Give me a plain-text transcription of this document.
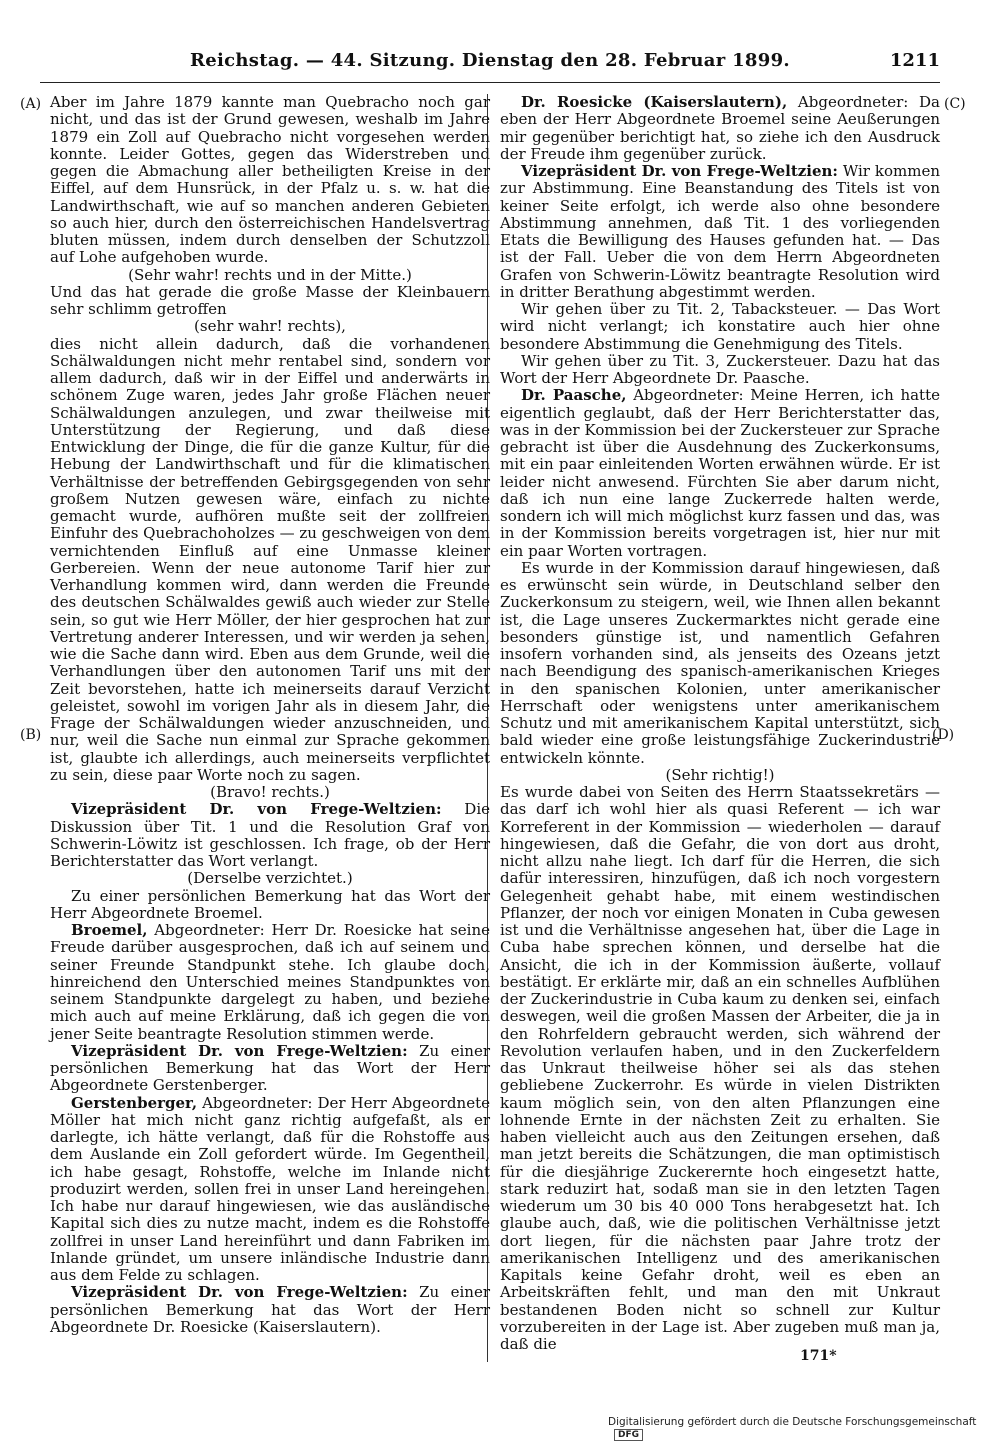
Reichstag. — 44. Sitzung. Dienstag den 28. Februar 1899.	1211
(A)
(B)
(C)
(D)

Aber im Jahre 1879 kannte man Quebracho noch gar nicht, und das ist der Grund gewesen, weshalb im Jahre 1879 ein Zoll auf Quebracho nicht vorgesehen werden konnte. Leider Gottes, gegen das Widerstreben und gegen die Abmachung aller betheiligten Kreise in der Eiffel, auf dem Hunsrück, in der Pfalz u. s. w. hat die Landwirthschaft, wie auf so manchen anderen Gebieten so auch hier, durch den österreichischen Handelsvertrag bluten müssen, indem durch denselben der Schutzzoll auf Lohe aufgehoben wurde.

(Sehr wahr! rechts und in der Mitte.)

Und das hat gerade die große Masse der Kleinbauern sehr schlimm getroffen

(sehr wahr! rechts),

dies nicht allein dadurch, daß die vorhandenen Schälwaldungen nicht mehr rentabel sind, sondern vor allem dadurch, daß wir in der Eiffel und anderwärts in schönem Zuge waren, jedes Jahr große Flächen neuer Schälwaldungen anzulegen, und zwar theilweise mit Unterstützung der Regierung, und daß diese Entwicklung der Dinge, die für die ganze Kultur, für die Hebung der Landwirthschaft und für die klimatischen Verhältnisse der betreffenden Gebirgsgegenden von sehr großem Nutzen gewesen wäre, einfach zu nichte gemacht wurde, aufhören mußte seit der zollfreien Einfuhr des Quebrachoholzes — zu geschweigen von dem vernichtenden Einfluß auf eine Unmasse kleiner Gerbereien. Wenn der neue autonome Tarif hier zur Verhandlung kommen wird, dann werden die Freunde des deutschen Schälwaldes gewiß auch wieder zur Stelle sein, so gut wie Herr Möller, der hier gesprochen hat zur Vertretung anderer Interessen, und wir werden ja sehen, wie die Sache dann wird. Eben aus dem Grunde, weil die Verhandlungen über den autonomen Tarif uns mit der Zeit bevorstehen, hatte ich meinerseits darauf Verzicht geleistet, sowohl im vorigen Jahr als in diesem Jahr, die Frage der Schälwaldungen wieder anzuschneiden, und nur, weil die Sache nun einmal zur Sprache gekommen ist, glaubte ich allerdings, auch meinerseits verpflichtet zu sein, diese paar Worte noch zu sagen.

(Bravo! rechts.)

Vizepräsident Dr. von Frege-Weltzien: Die Diskussion über Tit. 1 und die Resolution Graf von Schwerin-Löwitz ist geschlossen. Ich frage, ob der Herr Berichterstatter das Wort verlangt.

(Derselbe verzichtet.)

Zu einer persönlichen Bemerkung hat das Wort der Herr Abgeordnete Broemel.

Broemel, Abgeordneter: Herr Dr. Roesicke hat seine Freude darüber ausgesprochen, daß ich auf seinem und seiner Freunde Standpunkt stehe. Ich glaube doch, hinreichend den Unterschied meines Standpunktes von seinem Standpunkte dargelegt zu haben, und beziehe mich auch auf meine Erklärung, daß ich gegen die von jener Seite beantragte Resolution stimmen werde.

Vizepräsident Dr. von Frege-Weltzien: Zu einer persönlichen Bemerkung hat das Wort der Herr Abgeordnete Gerstenberger.

Gerstenberger, Abgeordneter: Der Herr Abgeordnete Möller hat mich nicht ganz richtig aufgefaßt, als er darlegte, ich hätte verlangt, daß für die Rohstoffe aus dem Auslande ein Zoll gefordert würde. Im Gegentheil, ich habe gesagt, Rohstoffe, welche im Inlande nicht produzirt werden, sollen frei in unser Land hereingehen. Ich habe nur darauf hingewiesen, wie das ausländische Kapital sich dies zu nutze macht, indem es die Rohstoffe zollfrei in unser Land hereinführt und dann Fabriken im Inlande gründet, um unsere inländische Industrie dann aus dem Felde zu schlagen.

Vizepräsident Dr. von Frege-Weltzien: Zu einer persönlichen Bemerkung hat das Wort der Herr Abgeordnete Dr. Roesicke (Kaiserslautern).

Dr. Roesicke (Kaiserslautern), Abgeordneter: Da eben der Herr Abgeordnete Broemel seine Aeußerungen mir gegenüber berichtigt hat, so ziehe ich den Ausdruck der Freude ihm gegenüber zurück.

Vizepräsident Dr. von Frege-Weltzien: Wir kommen zur Abstimmung. Eine Beanstandung des Titels ist von keiner Seite erfolgt, ich werde also ohne besondere Abstimmung annehmen, daß Tit. 1 des vorliegenden Etats die Bewilligung des Hauses gefunden hat. — Das ist der Fall. Ueber die von dem Herrn Abgeordneten Grafen von Schwerin-Löwitz beantragte Resolution wird in dritter Berathung abgestimmt werden.

Wir gehen über zu Tit. 2, Tabacksteuer. — Das Wort wird nicht verlangt; ich konstatire auch hier ohne besondere Abstimmung die Genehmigung des Titels.

Wir gehen über zu Tit. 3, Zuckersteuer. Dazu hat das Wort der Herr Abgeordnete Dr. Paasche.

Dr. Paasche, Abgeordneter: Meine Herren, ich hatte eigentlich geglaubt, daß der Herr Berichterstatter das, was in der Kommission bei der Zuckersteuer zur Sprache gebracht ist über die Ausdehnung des Zuckerkonsums, mit ein paar einleitenden Worten erwähnen würde. Er ist leider nicht anwesend. Fürchten Sie aber darum nicht, daß ich nun eine lange Zuckerrede halten werde, sondern ich will mich möglichst kurz fassen und das, was in der Kommission bereits vorgetragen ist, hier nur mit ein paar Worten vortragen.

Es wurde in der Kommission darauf hingewiesen, daß es erwünscht sein würde, in Deutschland selber den Zuckerkonsum zu steigern, weil, wie Ihnen allen bekannt ist, die Lage unseres Zuckermarktes nicht gerade eine besonders günstige ist, und namentlich Gefahren insofern vorhanden sind, als jenseits des Ozeans jetzt nach Beendigung des spanisch-amerikanischen Krieges in den spanischen Kolonien, unter amerikanischer Herrschaft oder wenigstens unter amerikanischem Schutz und mit amerikanischem Kapital unterstützt, sich bald wieder eine große leistungsfähige Zuckerindustrie entwickeln könnte.

(Sehr richtig!)

Es wurde dabei von Seiten des Herrn Staatssekretärs — das darf ich wohl hier als quasi Referent — ich war Korreferent in der Kommission — wiederholen — darauf hingewiesen, daß die Gefahr, die von dort aus droht, nicht allzu nahe liegt. Ich darf für die Herren, die sich dafür interessiren, hinzufügen, daß ich noch vorgestern Gelegenheit gehabt habe, mit einem westindischen Pflanzer, der noch vor einigen Monaten in Cuba gewesen ist und die Verhältnisse angesehen hat, über die Lage in Cuba habe sprechen können, und derselbe hat die Ansicht, die ich in der Kommission äußerte, vollauf bestätigt. Er erklärte mir, daß an ein schnelles Aufblühen der Zuckerindustrie in Cuba kaum zu denken sei, einfach deswegen, weil die großen Massen der Arbeiter, die ja in den Rohrfeldern gebraucht werden, sich während der Revolution verlaufen haben, und in den Zuckerfeldern das Unkraut theilweise höher sei als das stehen gebliebene Zuckerrohr. Es würde in vielen Distrikten kaum möglich sein, von den alten Pflanzungen eine lohnende Ernte in der nächsten Zeit zu erhalten. Sie haben vielleicht auch aus den Zeitungen ersehen, daß man jetzt bereits die Schätzungen, die man optimistisch für die diesjährige Zuckerernte hoch eingesetzt hatte, stark reduzirt hat, sodaß man sie in den letzten Tagen wiederum um 30 bis 40 000 Tons herabgesetzt hat. Ich glaube auch, daß, wie die politischen Verhältnisse jetzt dort liegen, für die nächsten paar Jahre trotz der amerikanischen Intelligenz und des amerikanischen Kapitals keine Gefahr droht, weil es eben an Arbeitskräften fehlt, und man den mit Unkraut bestandenen Boden nicht so schnell zur Kultur vorzubereiten in der Lage ist. Aber zugeben muß man ja, daß die

171*
Digitalisierung gefördert durch die Deutsche ForschungsgemeinschaftDFG
